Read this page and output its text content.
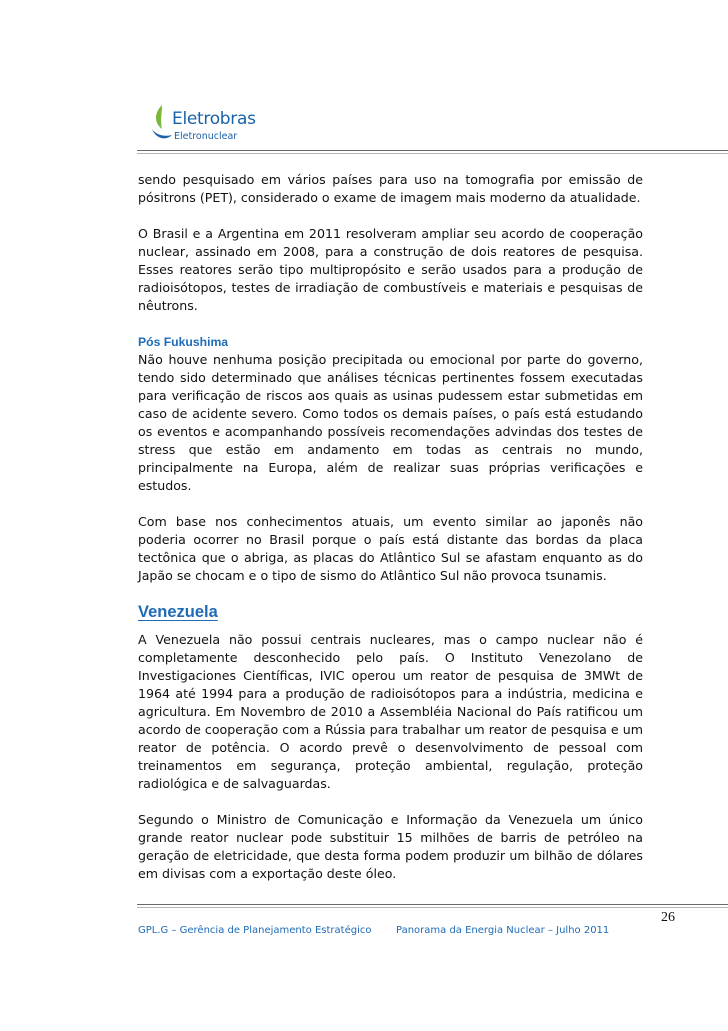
Eletrobras
Eletronuclear

sendo pesquisado em vários países para uso na tomografia por emissão de pósitrons (PET), considerado o exame de imagem mais moderno da atualidade.

O Brasil e a Argentina em 2011 resolveram ampliar seu acordo de cooperação nuclear, assinado em 2008, para a construção de dois reatores de pesquisa. Esses reatores serão tipo multipropósito e serão usados para a produção de radioisótopos, testes de irradiação de combustíveis e materiais e pesquisas de nêutrons.

Pós Fukushima
Não houve nenhuma posição precipitada ou emocional por parte do governo, tendo sido determinado que análises técnicas pertinentes fossem executadas para verificação de riscos aos quais as usinas pudessem estar submetidas em caso de acidente severo. Como todos os demais países, o país está estudando os eventos e acompanhando possíveis recomendações advindas dos testes de stress que estão em andamento em todas as centrais no mundo, principalmente na Europa, além de realizar suas próprias verificações e estudos.

Com base nos conhecimentos atuais, um evento similar ao japonês não poderia ocorrer no Brasil porque o país está distante das bordas da placa tectônica que o abriga, as placas do Atlântico Sul se afastam enquanto as do Japão se chocam e o tipo de sismo do Atlântico Sul não provoca tsunamis.

Venezuela

A Venezuela não possui centrais nucleares, mas o campo nuclear não é completamente desconhecido pelo país. O Instituto Venezolano de Investigaciones Científicas, IVIC operou um reator de pesquisa de 3MWt de 1964 até 1994 para a produção de radioisótopos para a indústria, medicina e agricultura. Em Novembro de 2010 a Assembléia Nacional do País ratificou um acordo de cooperação com a Rússia para trabalhar um reator de pesquisa e um reator de potência. O acordo prevê o desenvolvimento de pessoal com treinamentos em segurança, proteção ambiental, regulação, proteção radiológica e de salvaguardas.

Segundo o Ministro de Comunicação e Informação da Venezuela um único grande reator nuclear pode substituir 15 milhões de barris de petróleo na geração de eletricidade, que desta forma podem produzir um bilhão de dólares em divisas com a exportação deste óleo.

26
GPL.G – Gerência de Planejamento Estratégico Panorama da Energia Nuclear – Julho 2011
